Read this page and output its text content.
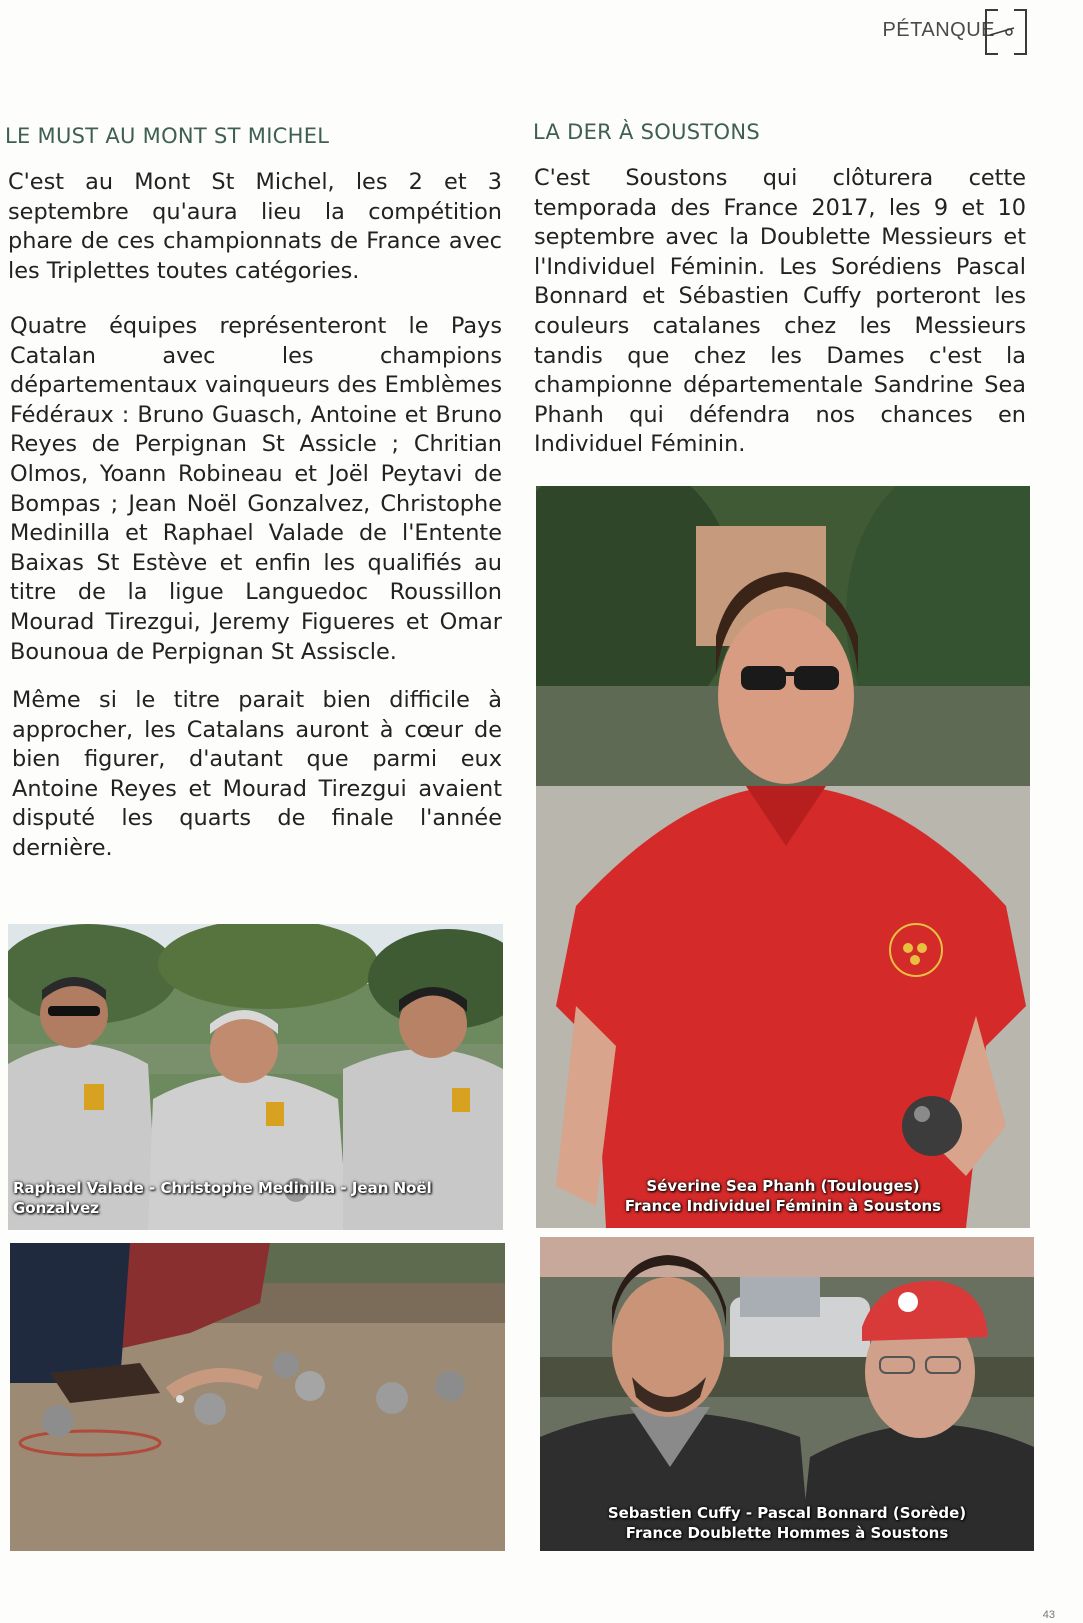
PÉTANQUE
LE MUST AU MONT ST MICHEL

C'est au Mont St Michel, les 2 et 3 septembre qu'aura lieu la compétition phare de ces championnats de France avec les Triplettes toutes catégories.

Quatre équipes représenteront le Pays Catalan avec les champions départementaux vainqueurs des Emblèmes Fédéraux : Bruno Guasch, Antoine et Bruno Reyes de Perpignan St Assicle ; Chritian Olmos, Yoann Robineau et Joël Peytavi de Bompas ; Jean Noël Gonzalvez, Christophe Medinilla et Raphael Valade de l'Entente Baixas St Estève et enfin les qualifiés au titre de la ligue Languedoc Roussillon Mourad Tirezgui, Jeremy Figueres et Omar Bounoua de Perpignan St Assiscle.

Même si le titre parait bien difficile à approcher, les Catalans auront à cœur de bien figurer, d'autant que parmi eux Antoine Reyes et Mourad Tirezgui avaient disputé les quarts de finale l'année dernière.

LA DER À SOUSTONS

C'est Soustons qui clôturera cette temporada des France 2017, les 9 et 10 septembre avec la Doublette Messieurs et l'Individuel Féminin. Les Sorédiens Pascal Bonnard et Sébastien Cuffy porteront les couleurs catalanes chez les Messieurs tandis que chez les Dames c'est la championne départementale Sandrine Sea Phanh qui défendra nos chances en Individuel Féminin.

Raphael Valade - Christophe Medinilla - Jean Noël Gonzalvez
Séverine Sea Phanh (Toulouges)
France Individuel Féminin à Soustons
Sebastien Cuffy - Pascal Bonnard (Sorède)
France Doublette Hommes à Soustons
43
